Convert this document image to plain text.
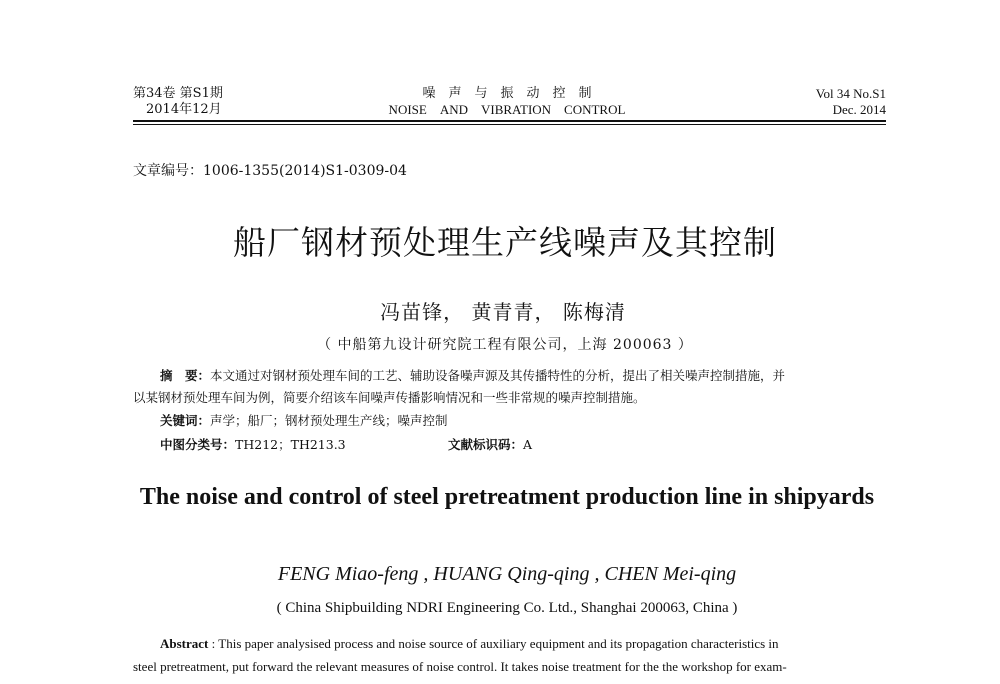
第34卷 第S1期
2014年12月
噪　声　与　振　动　控　制
NOISE　AND　VIBRATION　CONTROL
Vol 34 No.S1
Dec. 2014
文章编号：1006-1355(2014)S1-0309-04
船厂钢材预处理生产线噪声及其控制
冯苗锋， 黄青青， 陈梅清
（ 中船第九设计研究院工程有限公司，上海 200063 ）
摘　要：本文通过对钢材预处理车间的工艺、辅助设备噪声源及其传播特性的分析，提出了相关噪声控制措施，并
以某钢材预处理车间为例，简要介绍该车间噪声传播影响情况和一些非常规的噪声控制措施。
关键词：声学；船厂；钢材预处理生产线；噪声控制
中图分类号：TH212；TH213.3	文献标识码：A
The noise and control of steel pretreatment production line in shipyards
FENG Miao-feng , HUANG Qing-qing , CHEN Mei-qing
( China Shipbuilding NDRI Engineering Co. Ltd., Shanghai 200063, China )
Abstract : This paper analysised process and noise source of auxiliary equipment and its propagation characteristics in
steel pretreatment, put forward the relevant measures of noise control. It takes noise treatment for the the workshop for exam-
